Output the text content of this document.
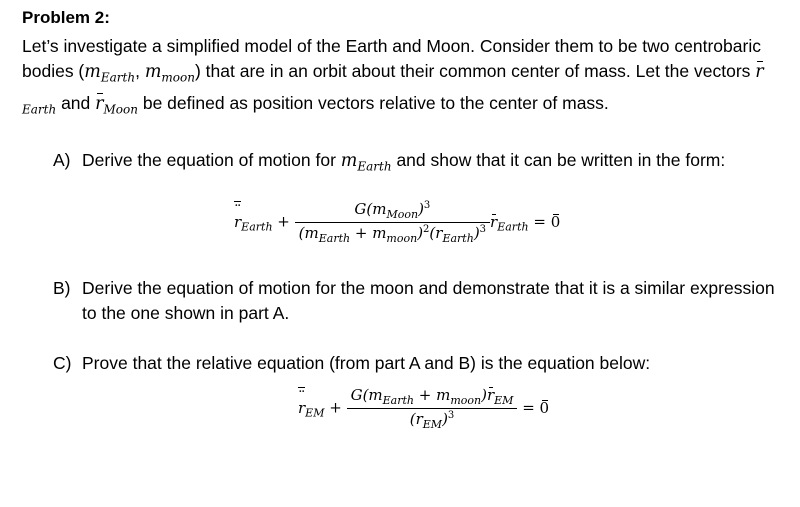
Problem 2:
Let’s investigate a simplified model of the Earth and Moon. Consider them to be two centrobaric bodies ($m_{Earth}$, $m_{moon}$) that are in an orbit about their common center of mass. Let the vectors $r_{Earth}$ and $r_{Moon}$ be defined as position vectors relative to the center of mass.
A) Derive the equation of motion for $m_{Earth}$ and show that it can be written in the form:
¨ $r_{Earth} + \frac{G(m_{Moon})^3}{(m_{Earth} + m_{moon})^2(r_{Earth})^3} r_{Earth} = 0$
B) Derive the equation of motion for the moon and demonstrate that it is a similar expression to the one shown in part A.
C) Prove that the relative equation (from part A and B) is the equation below:
¨ $r_{EM} + \frac{G(m_{Earth} + m_{moon})r_{EM}}{(r_{EM})^3} = 0$
